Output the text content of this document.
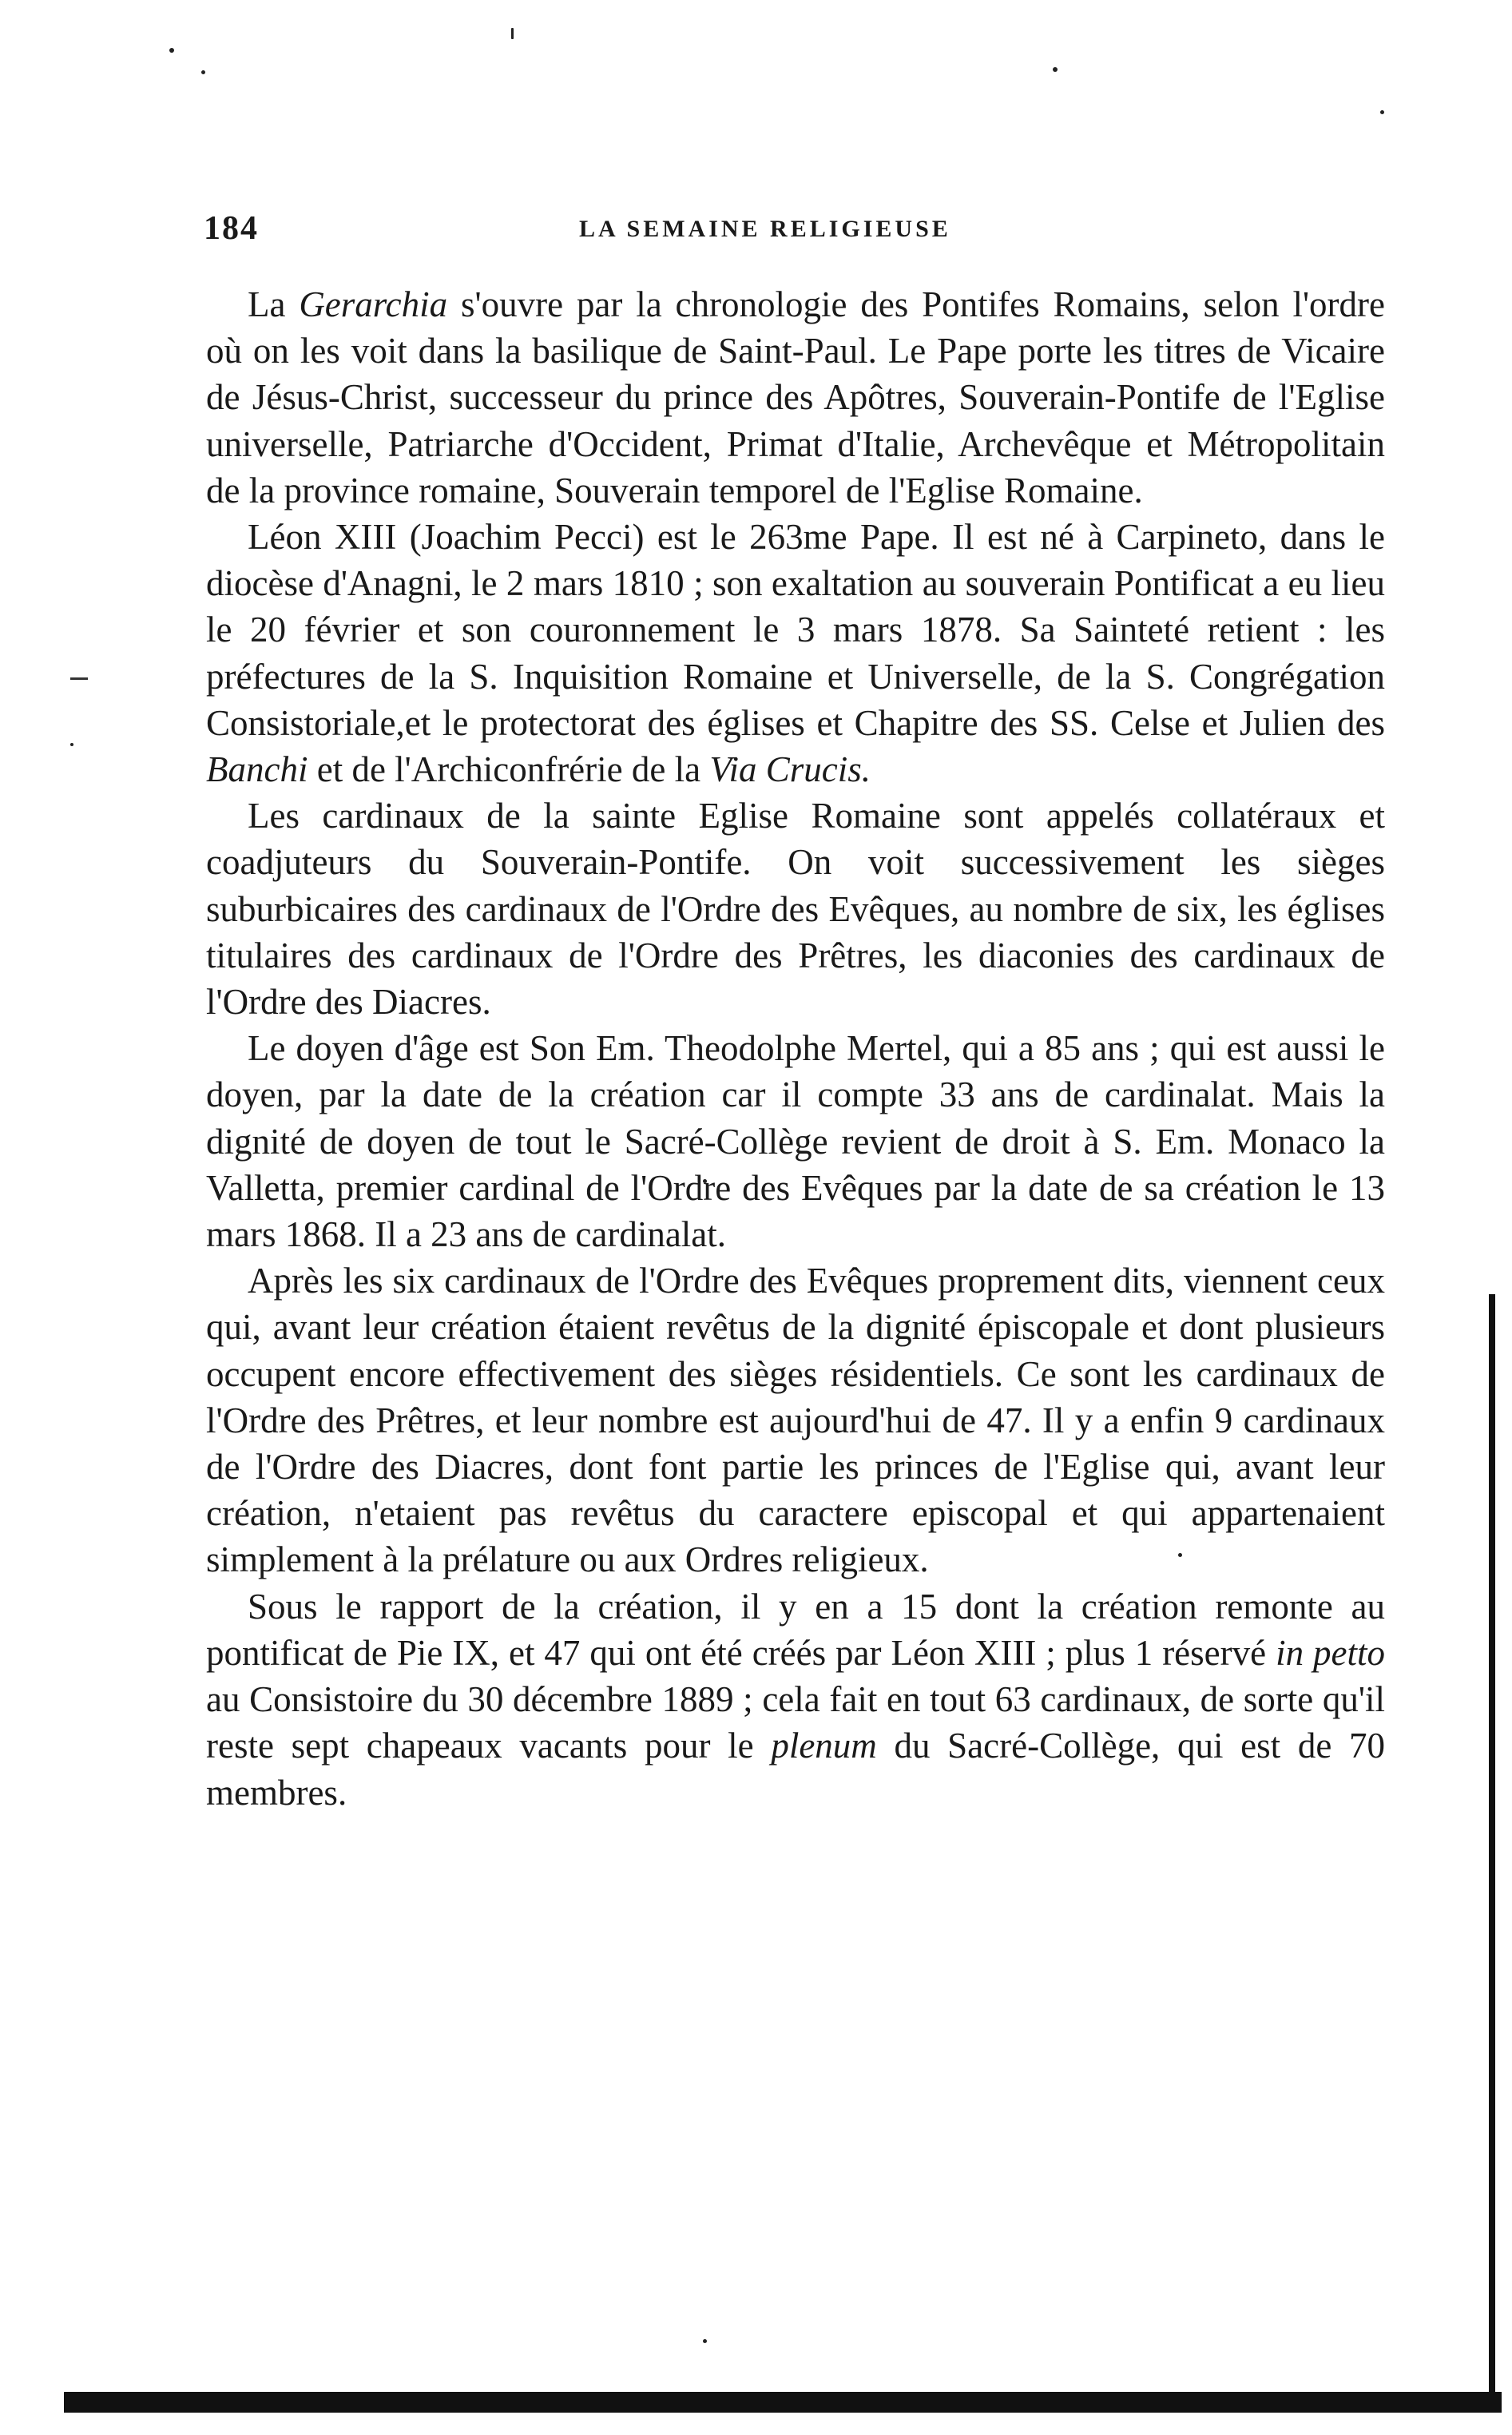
184	LA SEMAINE RELIGIEUSE

La Gerarchia s'ouvre par la chronologie des Pontifes Romains, selon l'ordre où on les voit dans la basilique de Saint-Paul. Le Pape porte les titres de Vicaire de Jésus-Christ, successeur du prince des Apôtres, Souverain-Pontife de l'Eglise universelle, Patriarche d'Occident, Primat d'Italie, Archevêque et Métropolitain de la province romaine, Souverain temporel de l'Eglise Romaine.

Léon XIII (Joachim Pecci) est le 263me Pape. Il est né à Carpineto, dans le diocèse d'Anagni, le 2 mars 1810 ; son exaltation au souverain Pontificat a eu lieu le 20 février et son couronnement le 3 mars 1878. Sa Sainteté retient : les préfectures de la S. Inquisition Romaine et Universelle, de la S. Congrégation Consistoriale,et le protectorat des églises et Chapitre des SS. Celse et Julien des Banchi et de l'Archiconfrérie de la Via Crucis.

Les cardinaux de la sainte Eglise Romaine sont appelés collatéraux et coadjuteurs du Souverain-Pontife. On voit successivement les sièges suburbicaires des cardinaux de l'Ordre des Evêques, au nombre de six, les églises titulaires des cardinaux de l'Ordre des Prêtres, les diaconies des cardinaux de l'Ordre des Diacres.

Le doyen d'âge est Son Em. Theodolphe Mertel, qui a 85 ans ; qui est aussi le doyen, par la date de la création car il compte 33 ans de cardinalat. Mais la dignité de doyen de tout le Sacré-Collège revient de droit à S. Em. Monaco la Valletta, premier cardinal de l'Ordre des Evêques par la date de sa création le 13 mars 1868. Il a 23 ans de cardinalat.

Après les six cardinaux de l'Ordre des Evêques proprement dits, viennent ceux qui, avant leur création étaient revêtus de la dignité épiscopale et dont plusieurs occupent encore effectivement des sièges résidentiels. Ce sont les cardinaux de l'Ordre des Prêtres, et leur nombre est aujourd'hui de 47. Il y a enfin 9 cardinaux de l'Ordre des Diacres, dont font partie les princes de l'Eglise qui, avant leur création, n'etaient pas revêtus du caractere episcopal et qui appartenaient simplement à la prélature ou aux Ordres religieux.

Sous le rapport de la création, il y en a 15 dont la création remonte au pontificat de Pie IX, et 47 qui ont été créés par Léon XIII ; plus 1 réservé in petto au Consistoire du 30 décembre 1889 ; cela fait en tout 63 cardinaux, de sorte qu'il reste sept chapeaux vacants pour le plenum du Sacré-Collège, qui est de 70 membres.
